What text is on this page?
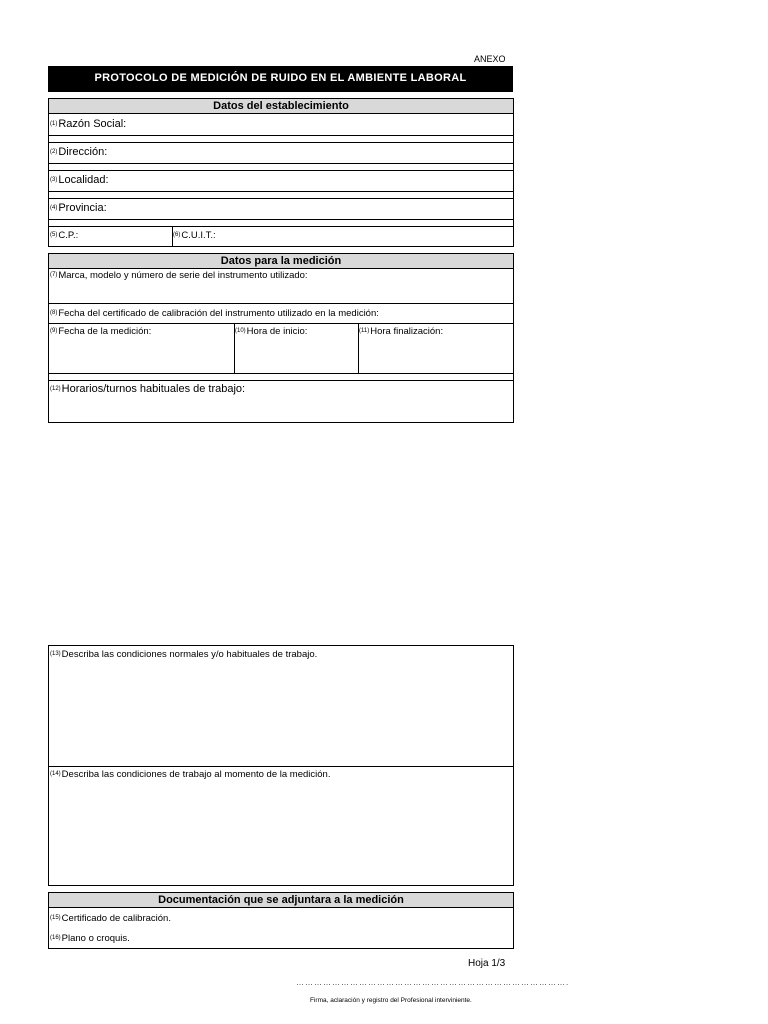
ANEXO
PROTOCOLO DE MEDICIÓN DE RUIDO EN EL AMBIENTE LABORAL
Datos del establecimiento
(1)Razón Social:
(2)Dirección:
(3)Localidad:
(4)Provincia:
(5)C.P.:	(6)C.U.I.T.:
Datos para la medición
(7)Marca, modelo y número de serie del instrumento utilizado:
(8)Fecha del certificado de calibración del instrumento utilizado en la medición:
(9)Fecha de la medición:	(10)Hora de inicio:	(11)Hora finalización:
(12)Horarios/turnos habituales de trabajo:
(13)Describa las condiciones normales y/o habituales de trabajo.
(14)Describa las condiciones de trabajo al momento de la medición.
Documentación que se adjuntara a la medición
(15)Certificado de calibración.
(16)Plano o croquis.
Hoja 1/3
……………………………………………………………………………….
Firma, aclaración y registro del Profesional interviniente.
